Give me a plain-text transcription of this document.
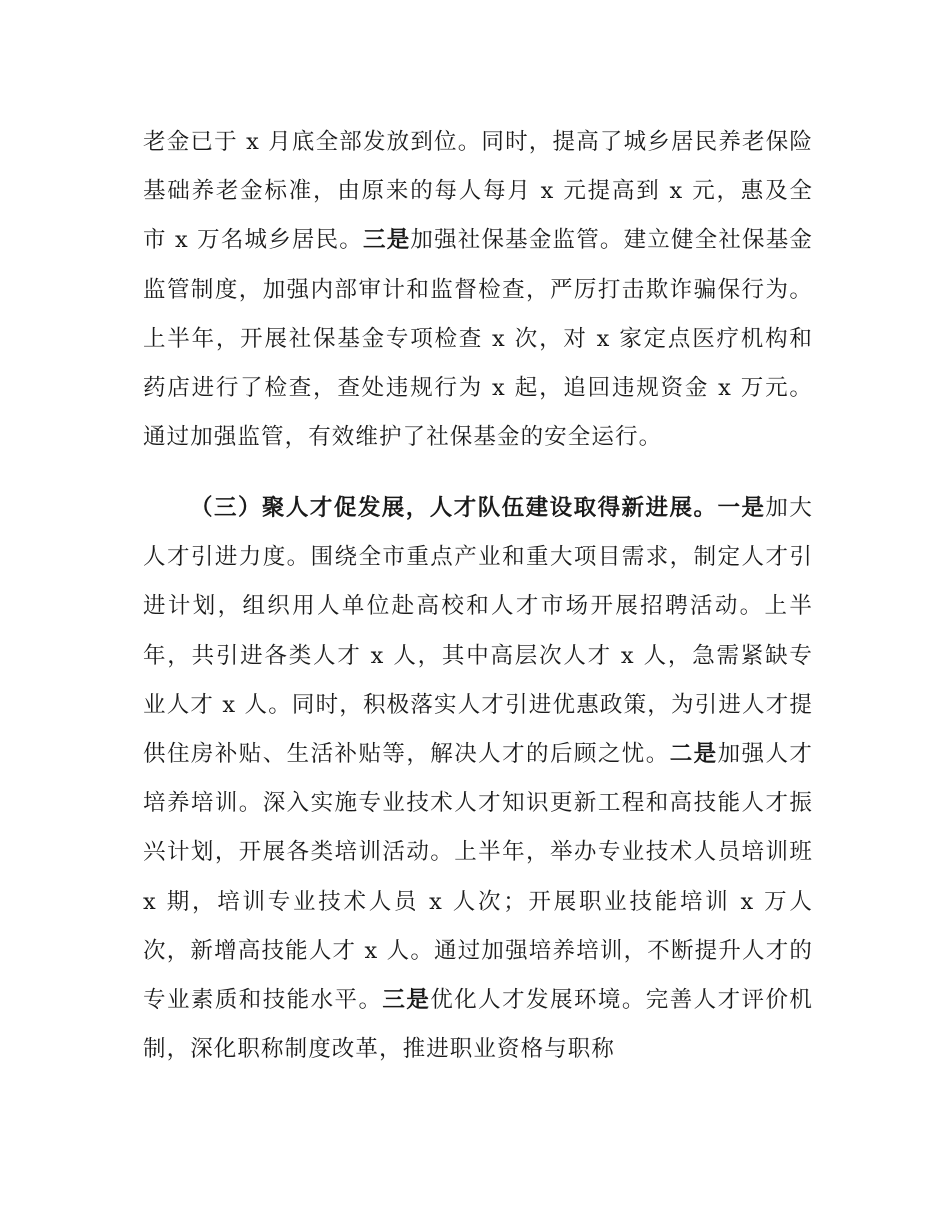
老金已于 x 月底全部发放到位。同时，提高了城乡居民养老保险基础养老金标准，由原来的每人每月 x 元提高到 x 元，惠及全市 x 万名城乡居民。三是加强社保基金监管。建立健全社保基金监管制度，加强内部审计和监督检查，严厉打击欺诈骗保行为。上半年，开展社保基金专项检查 x 次，对 x 家定点医疗机构和药店进行了检查，查处违规行为 x 起，追回违规资金 x 万元。通过加强监管，有效维护了社保基金的安全运行。

（三）聚人才促发展，人才队伍建设取得新进展。一是加大人才引进力度。围绕全市重点产业和重大项目需求，制定人才引进计划，组织用人单位赴高校和人才市场开展招聘活动。上半年，共引进各类人才 x 人，其中高层次人才 x 人，急需紧缺专业人才 x 人。同时，积极落实人才引进优惠政策，为引进人才提供住房补贴、生活补贴等，解决人才的后顾之忧。二是加强人才培养培训。深入实施专业技术人才知识更新工程和高技能人才振兴计划，开展各类培训活动。上半年，举办专业技术人员培训班 x 期，培训专业技术人员 x 人次；开展职业技能培训 x 万人次，新增高技能人才 x 人。通过加强培养培训，不断提升人才的专业素质和技能水平。三是优化人才发展环境。完善人才评价机制，深化职称制度改革，推进职业资格与职称
